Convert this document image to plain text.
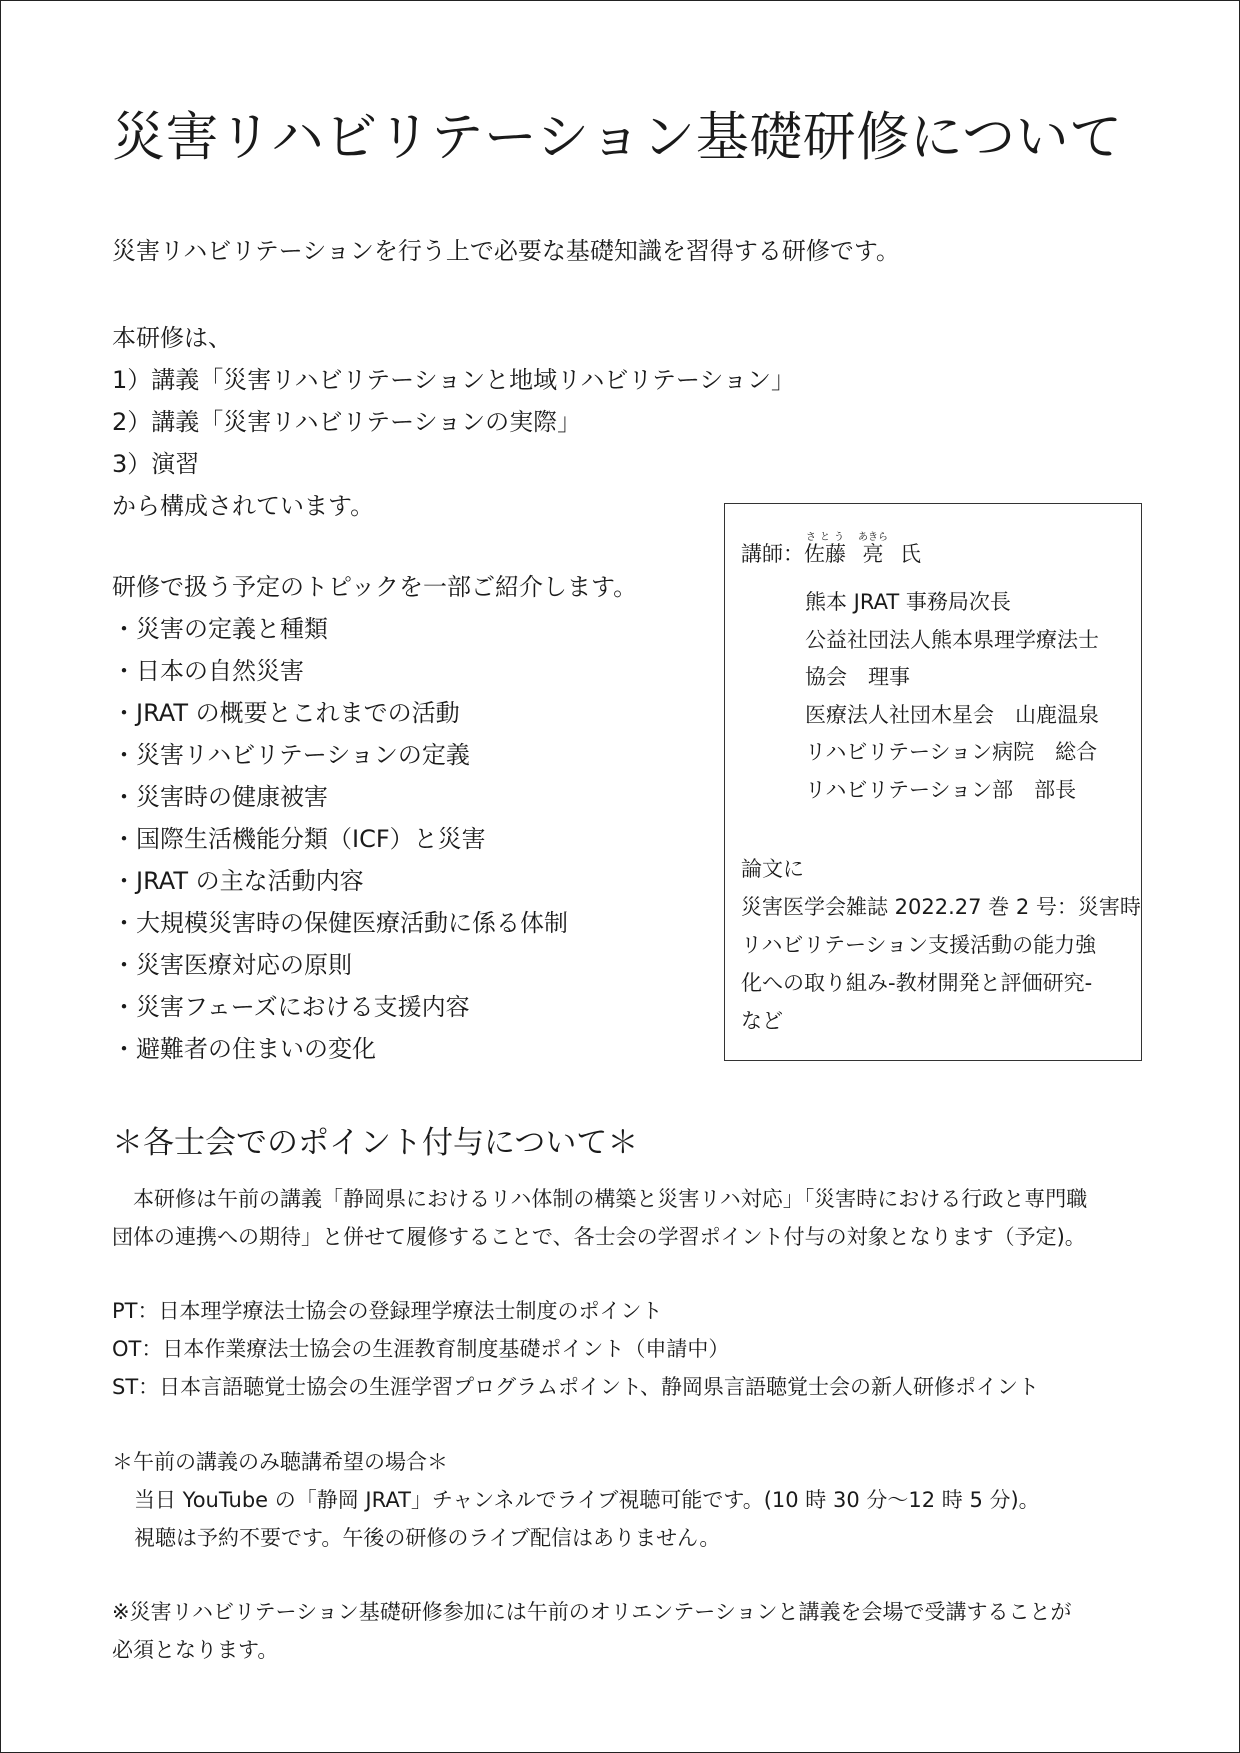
災害リハビリテーション基礎研修について

災害リハビリテーションを行う上で必要な基礎知識を習得する研修です。

本研修は、
1）講義「災害リハビリテーションと地域リハビリテーション」
2）講義「災害リハビリテーションの実際」
3）演習
から構成されています。

研修で扱う予定のトピックを一部ご紹介します。

・災害の定義と種類
・日本の自然災害
・JRAT の概要とこれまでの活動
・災害リハビリテーションの定義
・災害時の健康被害
・国際生活機能分類（ICF）と災害
・JRAT の主な活動内容
・大規模災害時の保健医療活動に係る体制
・災害医療対応の原則
・災害フェーズにおける支援内容
・避難者の住まいの変化
講師：佐藤さとう亮あきら氏
熊本 JRAT 事務局次長
公益社団法人熊本県理学療法士
協会　理事
医療法人社団木星会　山鹿温泉
リハビリテーション病院　総合
リハビリテーション部　部長
論文に
災害医学会雑誌 2022.27 巻 2 号：災害時
リハビリテーション支援活動の能力強
化への取り組み-教材開発と評価研究-
など
＊各士会でのポイント付与について＊

　本研修は午前の講義「静岡県におけるリハ体制の構築と災害リハ対応」「災害時における行政と専門職
団体の連携への期待」と併せて履修することで、各士会の学習ポイント付与の対象となります（予定)。

PT：日本理学療法士協会の登録理学療法士制度のポイント
OT：日本作業療法士協会の生涯教育制度基礎ポイント（申請中）
ST：日本言語聴覚士協会の生涯学習プログラムポイント、静岡県言語聴覚士会の新人研修ポイント

＊午前の講義のみ聴講希望の場合＊

当日 YouTube の「静岡 JRAT」チャンネルでライブ視聴可能です。(10 時 30 分〜12 時 5 分)。
視聴は予約不要です。午後の研修のライブ配信はありません。

※災害リハビリテーション基礎研修参加には午前のオリエンテーションと講義を会場で受講することが
必須となります。
